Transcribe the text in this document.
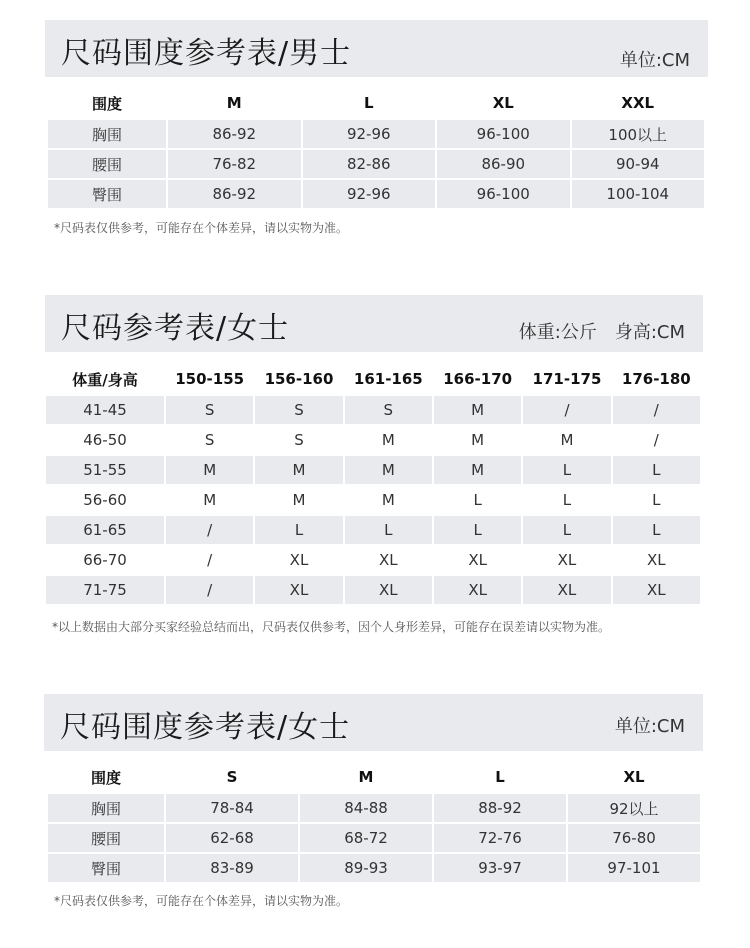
尺码围度参考表/男士	单位:CM
围度	M	L	XL	XXL
胸围	86-92	92-96	96-100	100以上
腰围	76-82	82-86	86-90	90-94
臀围	86-92	92-96	96-100	100-104
*尺码表仅供参考，可能存在个体差异，请以实物为准。
尺码参考表/女士	体重:公斤　身高:CM
体重/身高	150-155	156-160	161-165	166-170	171-175	176-180
41-45	S	S	S	M	/	/
46-50	S	S	M	M	M	/
51-55	M	M	M	M	L	L
56-60	M	M	M	L	L	L
61-65	/	L	L	L	L	L
66-70	/	XL	XL	XL	XL	XL
71-75	/	XL	XL	XL	XL	XL
*以上数据由大部分买家经验总结而出，尺码表仅供参考，因个人身形差异，可能存在误差请以实物为准。
尺码围度参考表/女士	单位:CM
围度	S	M	L	XL
胸围	78-84	84-88	88-92	92以上
腰围	62-68	68-72	72-76	76-80
臀围	83-89	89-93	93-97	97-101
*尺码表仅供参考，可能存在个体差异，请以实物为准。
